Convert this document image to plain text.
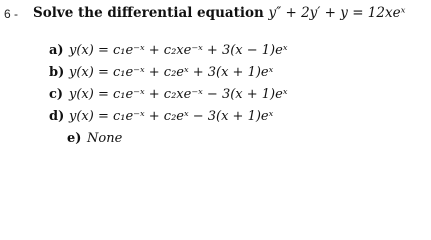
6 - Solve the differential equation y″ + 2y′ + y = 12xeˣ
a) y(x) = c₁e⁻ˣ + c₂xe⁻ˣ + 3(x − 1)eˣ
b) y(x) = c₁e⁻ˣ + c₂eˣ + 3(x + 1)eˣ
c) y(x) = c₁e⁻ˣ + c₂xe⁻ˣ − 3(x + 1)eˣ
d) y(x) = c₁e⁻ˣ + c₂eˣ − 3(x + 1)eˣ
e) None
